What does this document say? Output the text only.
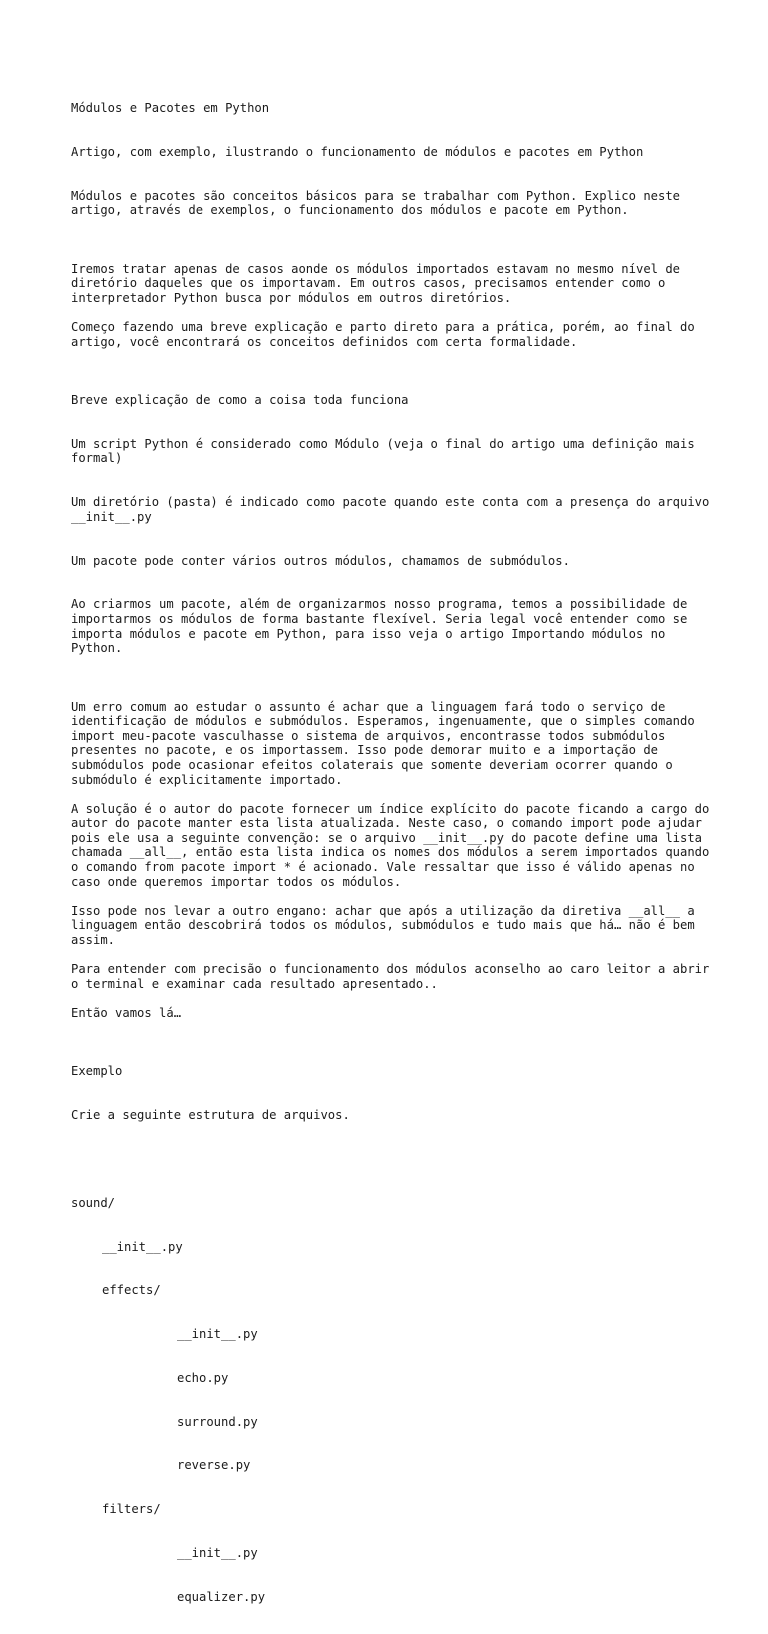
Módulos e Pacotes em Python

Artigo, com exemplo, ilustrando o funcionamento de módulos e pacotes em Python

Módulos e pacotes são conceitos básicos para se trabalhar com Python. Explico neste artigo, através de exemplos, o funcionamento dos módulos e pacote em Python.

Iremos tratar apenas de casos aonde os módulos importados estavam no mesmo nível de diretório daqueles que os importavam. Em outros casos, precisamos entender como o interpretador Python busca por módulos em outros diretórios.
Começo fazendo uma breve explicação e parto direto para a prática, porém, ao final do artigo, você encontrará os conceitos definidos com certa formalidade.

Breve explicação de como a coisa toda funciona

Um script Python é considerado como Módulo (veja o final do artigo uma definição mais formal)

Um diretório (pasta) é indicado como pacote quando este conta com a presença do arquivo __init__.py

Um pacote pode conter vários outros módulos, chamamos de submódulos.

Ao criarmos um pacote, além de organizarmos nosso programa, temos a possibilidade de importarmos os módulos de forma bastante flexível. Seria legal você entender como se importa módulos e pacote em Python, para isso veja o artigo Importando módulos no Python.

Um erro comum ao estudar o assunto é achar que a linguagem fará todo o serviço de identificação de módulos e submódulos. Esperamos, ingenuamente, que o simples comando import meu-pacote vasculhasse o sistema de arquivos, encontrasse todos submódulos presentes no pacote, e os importassem. Isso pode demorar muito e a importação de submódulos pode ocasionar efeitos colaterais que somente deveriam ocorrer quando o submódulo é explicitamente importado.
A solução é o autor do pacote fornecer um índice explícito do pacote ficando a cargo do autor do pacote manter esta lista atualizada. Neste caso, o comando import pode ajudar pois ele usa a seguinte convenção: se o arquivo __init__.py do pacote define uma lista chamada __all__, então esta lista indica os nomes dos módulos a serem importados quando o comando from pacote import * é acionado. Vale ressaltar que isso é válido apenas no caso onde queremos importar todos os módulos.
Isso pode nos levar a outro engano: achar que após a utilização da diretiva __all__ a linguagem então descobrirá todos os módulos, submódulos e tudo mais que há… não é bem assim.
Para entender com precisão o funcionamento dos módulos aconselho ao caro leitor a abrir o terminal e examinar cada resultado apresentado..
Então vamos lá…

Exemplo

Crie a seguinte estrutura de arquivos.

sound/

__init__.py

effects/

__init__.py

echo.py

surround.py

reverse.py

filters/

__init__.py

equalizer.py
